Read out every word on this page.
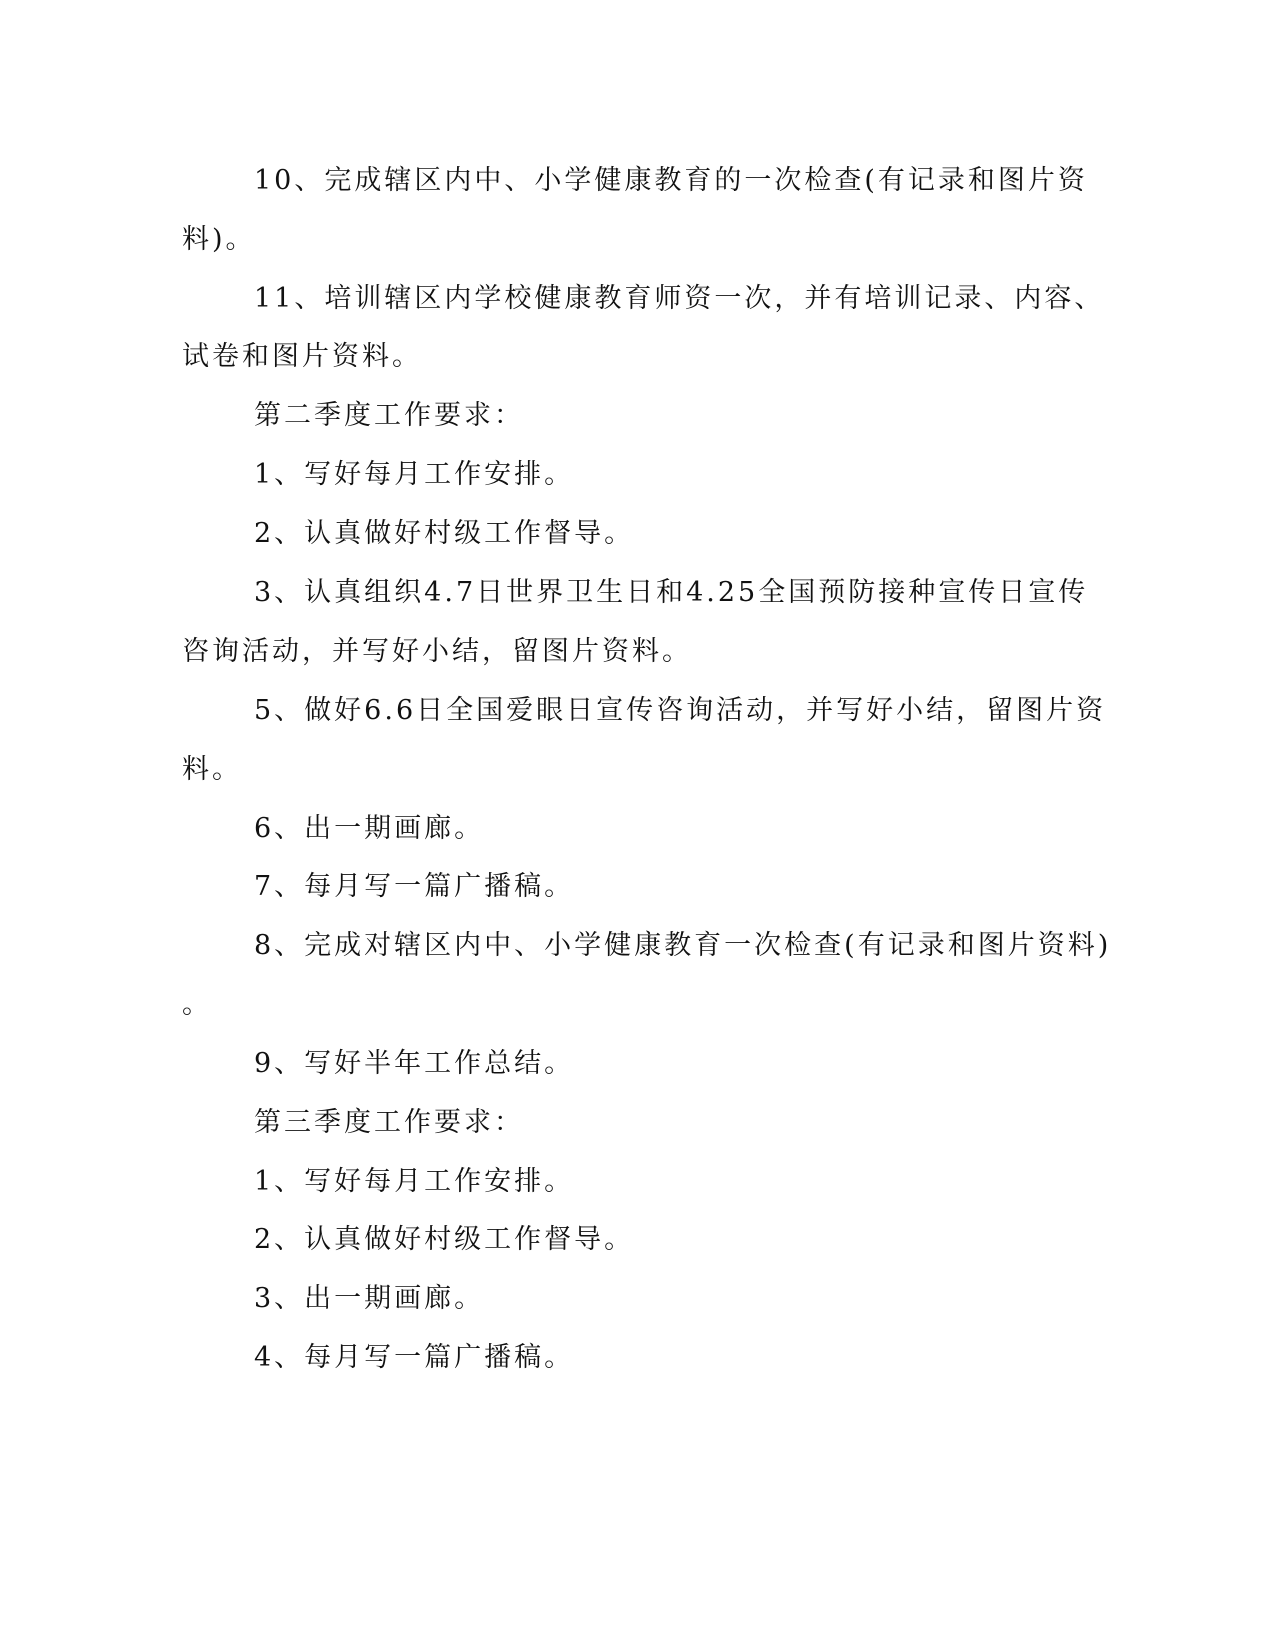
10、完成辖区内中、小学健康教育的一次检查(有记录和图片资
料)。
11、培训辖区内学校健康教育师资一次，并有培训记录、内容、
试卷和图片资料。
第二季度工作要求：
1、写好每月工作安排。
2、认真做好村级工作督导。
3、认真组织4.7日世界卫生日和4.25全国预防接种宣传日宣传
咨询活动，并写好小结，留图片资料。
5、做好6.6日全国爱眼日宣传咨询活动，并写好小结，留图片资
料。
6、出一期画廊。
7、每月写一篇广播稿。
8、完成对辖区内中、小学健康教育一次检查(有记录和图片资料)
。
9、写好半年工作总结。
第三季度工作要求：
1、写好每月工作安排。
2、认真做好村级工作督导。
3、出一期画廊。
4、每月写一篇广播稿。
